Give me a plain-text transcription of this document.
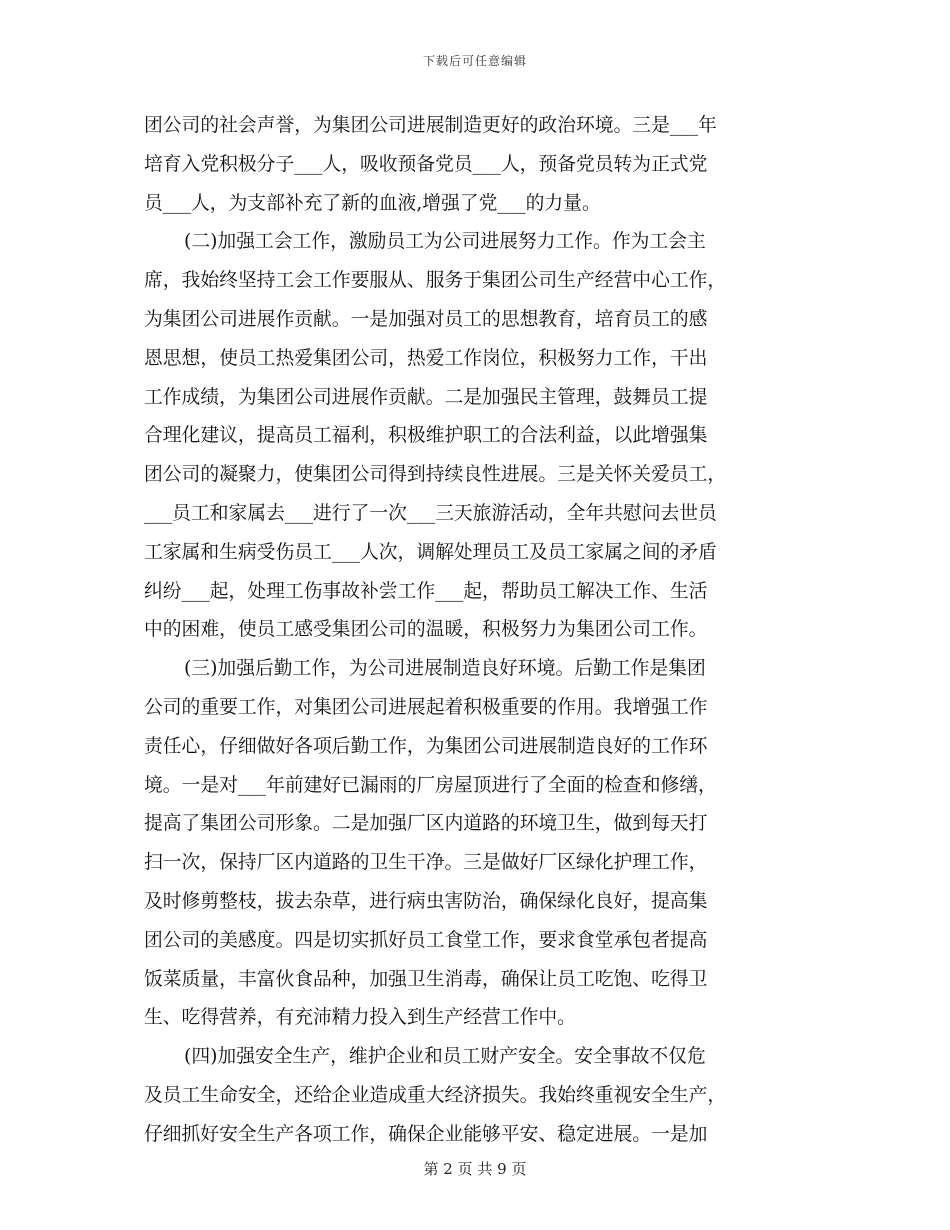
下载后可任意编辑
团公司的社会声誉，为集团公司进展制造更好的政治环境。三是___年
培育入党积极分子___人，吸收预备党员___人，预备党员转为正式党
员___人，为支部补充了新的血液,增强了党___的力量。
(二)加强工会工作，激励员工为公司进展努力工作。作为工会主
席，我始终坚持工会工作要服从、服务于集团公司生产经营中心工作，
为集团公司进展作贡献。一是加强对员工的思想教育，培育员工的感
恩思想，使员工热爱集团公司，热爱工作岗位，积极努力工作，干出
工作成绩，为集团公司进展作贡献。二是加强民主管理，鼓舞员工提
合理化建议，提高员工福利，积极维护职工的合法利益，以此增强集
团公司的凝聚力，使集团公司得到持续良性进展。三是关怀关爱员工，
___员工和家属去___进行了一次___三天旅游活动，全年共慰问去世员
工家属和生病受伤员工___人次，调解处理员工及员工家属之间的矛盾
纠纷___起，处理工伤事故补尝工作___起，帮助员工解决工作、生活
中的困难，使员工感受集团公司的温暖，积极努力为集团公司工作。
(三)加强后勤工作，为公司进展制造良好环境。后勤工作是集团
公司的重要工作，对集团公司进展起着积极重要的作用。我增强工作
责任心，仔细做好各项后勤工作，为集团公司进展制造良好的工作环
境。一是对___年前建好已漏雨的厂房屋顶进行了全面的检查和修缮，
提高了集团公司形象。二是加强厂区内道路的环境卫生，做到每天打
扫一次，保持厂区内道路的卫生干净。三是做好厂区绿化护理工作，
及时修剪整枝，拔去杂草，进行病虫害防治，确保绿化良好，提高集
团公司的美感度。四是切实抓好员工食堂工作，要求食堂承包者提高
饭菜质量，丰富伙食品种，加强卫生消毒，确保让员工吃饱、吃得卫
生、吃得营养，有充沛精力投入到生产经营工作中。
(四)加强安全生产，维护企业和员工财产安全。安全事故不仅危
及员工生命安全，还给企业造成重大经济损失。我始终重视安全生产，
仔细抓好安全生产各项工作，确保企业能够平安、稳定进展。一是加
第 2 页 共 9 页
